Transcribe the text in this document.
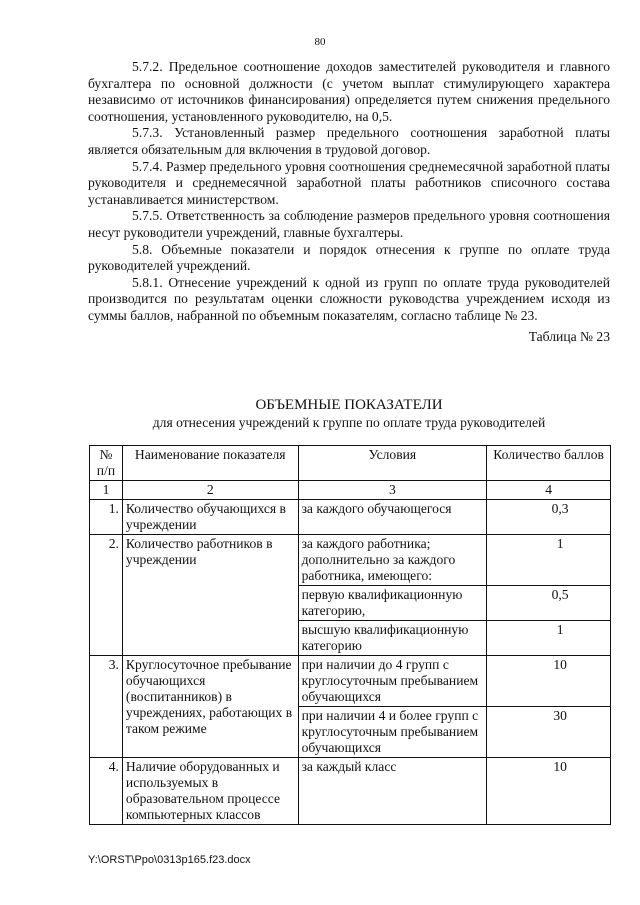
80

5.7.2. Предельное соотношение доходов заместителей руководителя и главного бухгалтера по основной должности (с учетом выплат стимулирующего характера независимо от источников финансирования) определяется путем снижения предельного соотношения, установленного руководителю, на 0,5.

5.7.3. Установленный размер предельного соотношения заработной платы является обязательным для включения в трудовой договор.

5.7.4. Размер предельного уровня соотношения среднемесячной заработной платы руководителя и среднемесячной заработной платы работников списочного состава устанавливается министерством.

5.7.5. Ответственность за соблюдение размеров предельного уровня соотношения несут руководители учреждений, главные бухгалтеры.

5.8. Объемные показатели и порядок отнесения к группе по оплате труда руководителей учреждений.

5.8.1. Отнесение учреждений к одной из групп по оплате труда руководителей производится по результатам оценки сложности руководства учреждением исходя из суммы баллов, набранной по объемным показателям, согласно таблице № 23.

Таблица № 23

ОБЪЕМНЫЕ ПОКАЗАТЕЛИ
для отнесения учреждений к группе по оплате труда руководителей
№ п/п	Наименование показателя	Условия	Количество баллов
1	2	3	4
1.	Количество обучающихся в учреждении	за каждого обучающегося	0,3
2.	Количество работников в учреждении	за каждого работника; дополнительно за каждого работника, имеющего:	1
		первую квалификационную категорию,	0,5
		высшую квалификационную категорию	1
3.	Круглосуточное пребывание обучающихся (воспитанников) в учреждениях, работающих в таком режиме	при наличии до 4 групп с круглосуточным пребыванием обучающихся	10
		при наличии 4 и более групп с круглосуточным пребыванием обучающихся	30
4.	Наличие оборудованных и используемых в образовательном процессе компьютерных классов	за каждый класс	10
Y:\ORST\Ppo\0313p165.f23.docx
